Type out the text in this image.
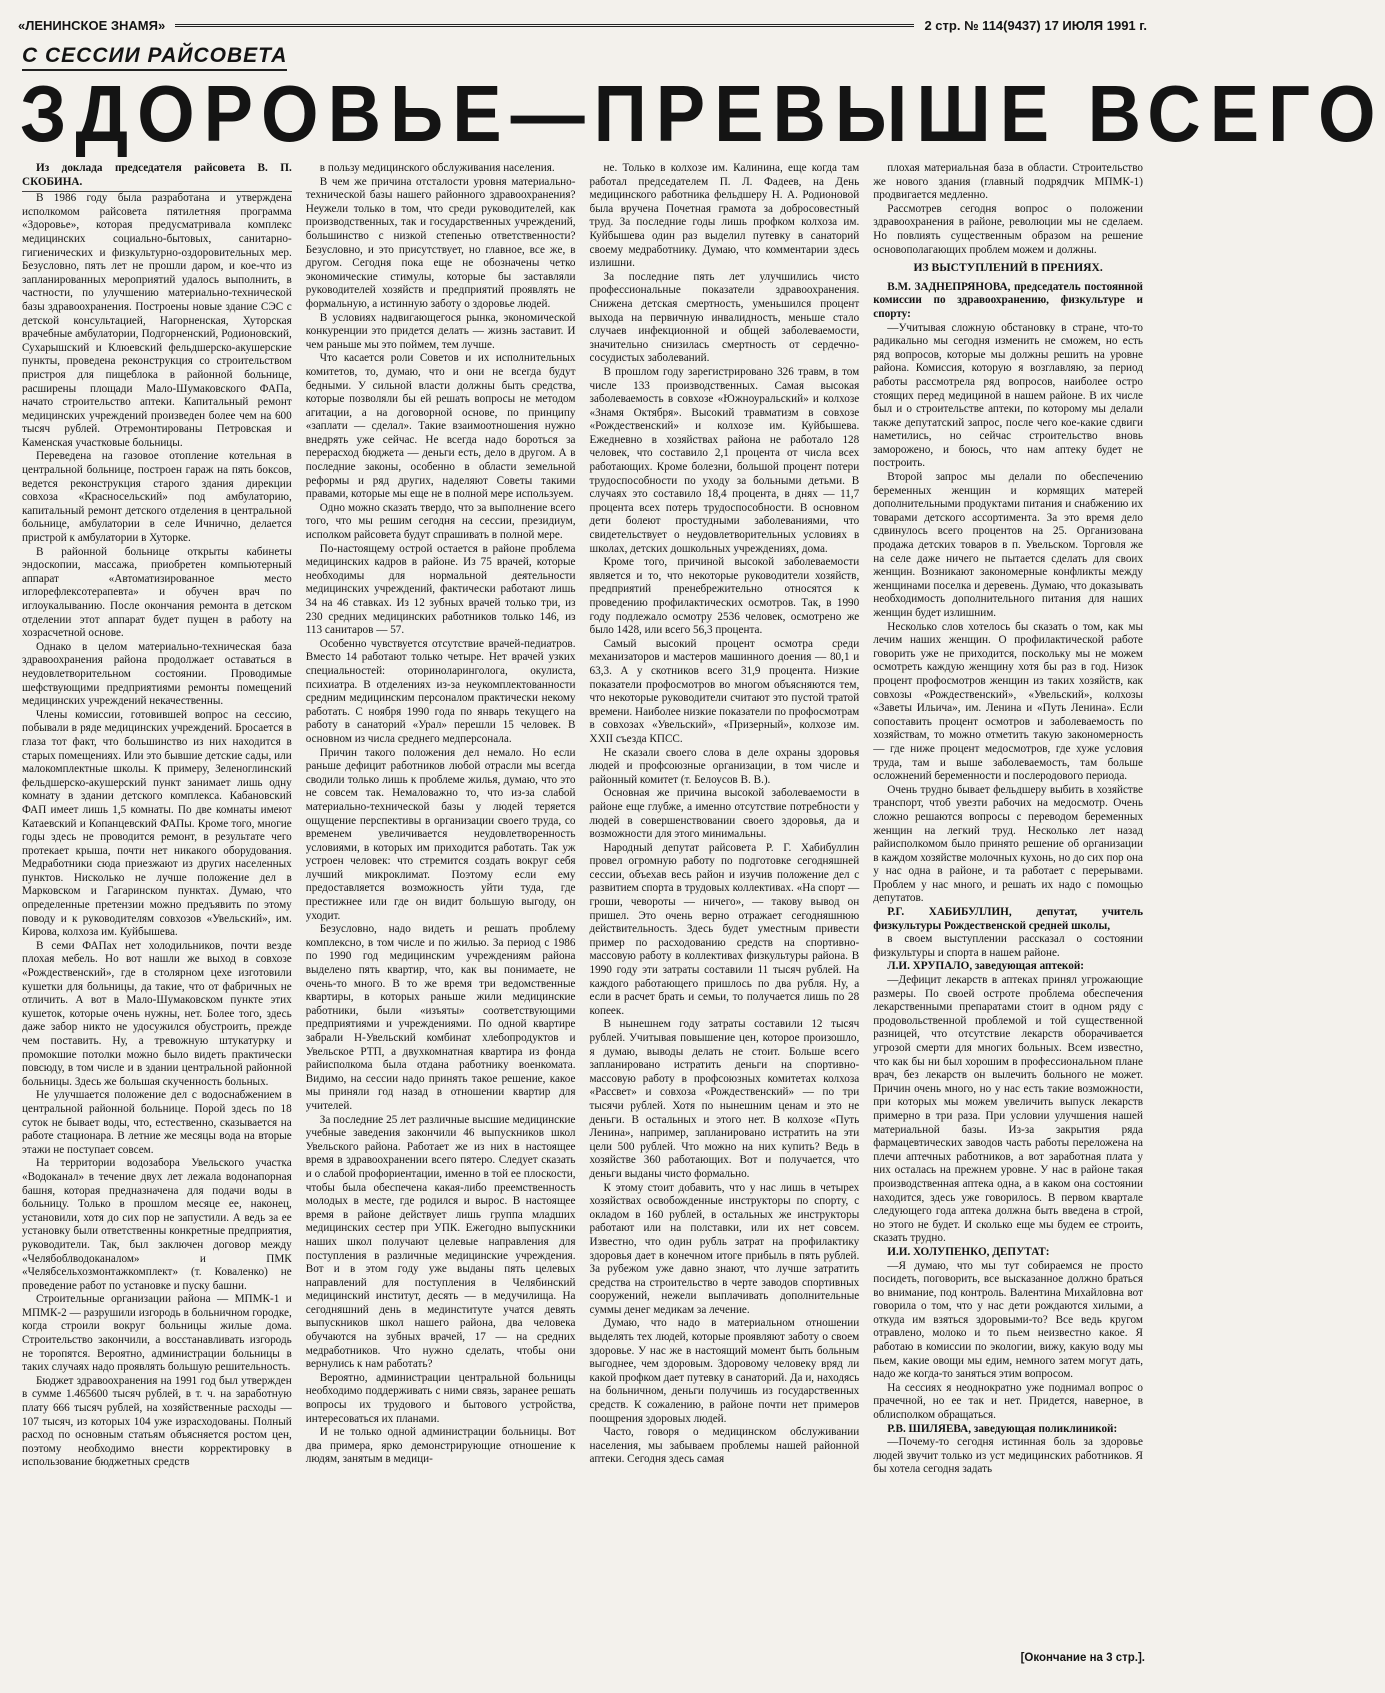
«ЛЕНИНСКОЕ ЗНАМЯ»	2 стр. № 114(9437) 17 ИЮЛЯ 1991 г.
С СЕССИИ РАЙСОВЕТА
ЗДОРОВЬЕ—ПРЕВЫШЕ ВСЕГО

Из доклада председателя райсовета В. П. СКОБИНА.

В 1986 году была разработана и утверждена исполкомом райсовета пятилетняя программа «Здоровье», которая предусматривала комплекс медицинских социально-бытовых, санитарно-гигиенических и физкультурно-оздоровительных мер. Безусловно, пять лет не прошли даром, и кое-что из запланированных мероприятий удалось выполнить, в частности, по улучшению материально-технической базы здравоохранения. Построены новые здание СЭС с детской консультацией, Нагорненская, Хуторская врачебные амбулатории, Подгорненский, Родионовский, Сухарышский и Клюевский фельдшерско-акушерские пункты, проведена реконструкция со строительством пристроя для пищеблока в районной больнице, расширены площади Мало-Шумаковского ФАПа, начато строительство аптеки. Капитальный ремонт медицинских учреждений произведен более чем на 600 тысяч рублей. Отремонтированы Петровская и Каменская участковые больницы.

Переведена на газовое отопление котельная в центральной больнице, построен гараж на пять боксов, ведется реконструкция старого здания дирекции совхоза «Красносельский» под амбулаторию, капитальный ремонт детского отделения в центральной больнице, амбулатории в селе Ичнично, делается пристрой к амбулатории в Хуторке.

В районной больнице открыты кабинеты эндоскопии, массажа, приобретен компьютерный аппарат «Автоматизированное место иглорефлексотерапевта» и обучен врач по иглоукалыванию. После окончания ремонта в детском отделении этот аппарат будет пущен в работу на хозрасчетной основе.

Однако в целом материально-техническая база здравоохранения района продолжает оставаться в неудовлетворительном состоянии. Проводимые шефствующими предприятиями ремонты помещений медицинских учреждений некачественны.

Члены комиссии, готовившей вопрос на сессию, побывали в ряде медицинских учреждений. Бросается в глаза тот факт, что большинство из них находится в старых помещениях. Или это бывшие детские сады, или малокомплектные школы. К примеру, Зеленоглинский фельдшерско-акушерский пункт занимает лишь одну комнату в здании детского комплекса. Кабановский ФАП имеет лишь 1,5 комнаты. По две комнаты имеют Катаевский и Копанцевский ФАПы. Кроме того, многие годы здесь не проводится ремонт, в результате чего протекает крыша, почти нет никакого оборудования. Медработники сюда приезжают из других населенных пунктов. Нисколько не лучше положение дел в Марковском и Гагаринском пунктах. Думаю, что определенные претензии можно предъявить по этому поводу и к руководителям совхозов «Увельский», им. Кирова, колхоза им. Куйбышева.

В семи ФАПах нет холодильников, почти везде плохая мебель. Но вот нашли же выход в совхозе «Рождественский», где в столярном цехе изготовили кушетки для больницы, да такие, что от фабричных не отличить. А вот в Мало-Шумаковском пункте этих кушеток, которые очень нужны, нет. Более того, здесь даже забор никто не удосужился обустроить, прежде чем поставить. Ну, а тревожную штукатурку и промокшие потолки можно было видеть практически повсюду, в том числе и в здании центральной районной больницы. Здесь же большая скученность больных.

Не улучшается положение дел с водоснабжением в центральной районной больнице. Порой здесь по 18 суток не бывает воды, что, естественно, сказывается на работе стационара. В летние же месяцы вода на вторые этажи не поступает совсем.

На территории водозабора Увельского участка «Водоканал» в течение двух лет лежала водонапорная башня, которая предназначена для подачи воды в больницу. Только в прошлом месяце ее, наконец, установили, хотя до сих пор не запустили. А ведь за ее установку были ответственны конкретные предприятия, руководители. Так, был заключен договор между «Челябоблводоканалом» и ПМК «Челябсельхозмонтажкомплект» (т. Коваленко) не проведение работ по установке и пуску башни.

Строительные организации района — МПМК-1 и МПМК-2 — разрушили изгородь в больничном городке, когда строили вокруг больницы жилые дома. Строительство закончили, а восстанавливать изгородь не торопятся. Вероятно, администрации больницы в таких случаях надо проявлять большую решительность.

Бюджет здравоохранения на 1991 год был утвержден в сумме 1.465600 тысяч рублей, в т. ч. на заработную плату 666 тысяч рублей, на хозяйственные расходы — 107 тысяч, из которых 104 уже израсходованы. Полный расход по основным статьям объясняется ростом цен, поэтому необходимо внести корректировку в использование бюджетных средств

в пользу медицинского обслуживания населения.

В чем же причина отсталости уровня материально-технической базы нашего районного здравоохранения? Неужели только в том, что среди руководителей, как производственных, так и государственных учреждений, большинство с низкой степенью ответственности? Безусловно, и это присутствует, но главное, все же, в другом. Сегодня пока еще не обозначены четко экономические стимулы, которые бы заставляли руководителей хозяйств и предприятий проявлять не формальную, а истинную заботу о здоровье людей.

В условиях надвигающегося рынка, экономической конкуренции это придется делать — жизнь заставит. И чем раньше мы это поймем, тем лучше.

Что касается роли Советов и их исполнительных комитетов, то, думаю, что и они не всегда будут бедными. У сильной власти должны быть средства, которые позволяли бы ей решать вопросы не методом агитации, а на договорной основе, по принципу «заплати — сделал». Такие взаимоотношения нужно внедрять уже сейчас. Не всегда надо бороться за перерасход бюджета — деньги есть, дело в другом. А в последние законы, особенно в области земельной реформы и ряд других, наделяют Советы такими правами, которые мы еще не в полной мере используем.

Одно можно сказать твердо, что за выполнение всего того, что мы решим сегодня на сессии, президиум, исполком райсовета будут спрашивать в полной мере.

По-настоящему острой остается в районе проблема медицинских кадров в районе. Из 75 врачей, которые необходимы для нормальной деятельности медицинских учреждений, фактически работают лишь 34 на 46 ставках. Из 12 зубных врачей только три, из 230 средних медицинских работников только 146, из 113 санитаров — 57.

Особенно чувствуется отсутствие врачей-педиатров. Вместо 14 работают только четыре. Нет врачей узких специальностей: оториноларинголога, окулиста, психиатра. В отделениях из-за неукомплектованности средним медицинским персоналом практически некому работать. С ноября 1990 года по январь текущего на работу в санаторий «Урал» перешли 15 человек. В основном из числа среднего медперсонала.

Причин такого положения дел немало. Но если раньше дефицит работников любой отрасли мы всегда сводили только лишь к проблеме жилья, думаю, что это не совсем так. Немаловажно то, что из-за слабой материально-технической базы у людей теряется ощущение перспективы в организации своего труда, со временем увеличивается неудовлетворенность условиями, в которых им приходится работать. Так уж устроен человек: что стремится создать вокруг себя лучший микроклимат. Поэтому если ему предоставляется возможность уйти туда, где престижнее или где он видит большую выгоду, он уходит.

Безусловно, надо видеть и решать проблему комплексно, в том числе и по жилью. За период с 1986 по 1990 год медицинским учреждениям района выделено пять квартир, что, как вы понимаете, не очень-то много. В то же время три ведомственные квартиры, в которых раньше жили медицинские работники, были «изъяты» соответствующими предприятиями и учреждениями. По одной квартире забрали Н-Увельский комбинат хлебопродуктов и Увельское РТП, а двухкомнатная квартира из фонда райисполкома была отдана работнику военкомата. Видимо, на сессии надо принять такое решение, какое мы приняли год назад в отношении квартир для учителей.

За последние 25 лет различные высшие медицинские учебные заведения закончили 46 выпускников школ Увельского района. Работает же из них в настоящее время в здравоохранении всего пятеро. Следует сказать и о слабой профориентации, именно в той ее плоскости, чтобы была обеспечена какая-либо преемственность молодых в месте, где родился и вырос. В настоящее время в районе действует лишь группа младших медицинских сестер при УПК. Ежегодно выпускники наших школ получают целевые направления для поступления в различные медицинские учреждения. Вот и в этом году уже выданы пять целевых направлений для поступления в Челябинский медицинский институт, десять — в медучилища. На сегодняшний день в мединституте учатся девять выпускников школ нашего района, два человека обучаются на зубных врачей, 17 — на средних медработников. Что нужно сделать, чтобы они вернулись к нам работать?

Вероятно, администрации центральной больницы необходимо поддерживать с ними связь, заранее решать вопросы их трудового и бытового устройства, интересоваться их планами.

И не только одной администрации больницы. Вот два примера, ярко демонстрирующие отношение к людям, занятым в медици-

не. Только в колхозе им. Калинина, еще когда там работал председателем П. Л. Фадеев, на День медицинского работника фельдшеру Н. А. Родионовой была вручена Почетная грамота за добросовестный труд. За последние годы лишь профком колхоза им. Куйбышева один раз выделил путевку в санаторий своему медработнику. Думаю, что комментарии здесь излишни.

За последние пять лет улучшились чисто профессиональные показатели здравоохранения. Снижена детская смертность, уменьшился процент выхода на первичную инвалидность, меньше стало случаев инфекционной и общей заболеваемости, значительно снизилась смертность от сердечно-сосудистых заболеваний.

В прошлом году зарегистрировано 326 травм, в том числе 133 производственных. Самая высокая заболеваемость в совхозе «Южноуральский» и колхозе «Знамя Октября». Высокий травматизм в совхозе «Рождественский» и колхозе им. Куйбышева. Ежедневно в хозяйствах района не работало 128 человек, что составило 2,1 процента от числа всех работающих. Кроме болезни, большой процент потери трудоспособности по уходу за больными детьми. В случаях это составило 18,4 процента, в днях — 11,7 процента всех потерь трудоспособности. В основном дети болеют простудными заболеваниями, что свидетельствует о неудовлетворительных условиях в школах, детских дошкольных учреждениях, дома.

Кроме того, причиной высокой заболеваемости является и то, что некоторые руководители хозяйств, предприятий пренебрежительно относятся к проведению профилактических осмотров. Так, в 1990 году подлежало осмотру 2536 человек, осмотрено же было 1428, или всего 56,3 процента.

Самый высокий процент осмотра среди механизаторов и мастеров машинного доения — 80,1 и 63,3. А у скотников всего 31,9 процента. Низкие показатели профосмотров во многом объясняются тем, что некоторые руководители считают это пустой тратой времени. Наиболее низкие показатели по профосмотрам в совхозах «Увельский», «Призерный», колхозе им. XXII съезда КПСС.

Не сказали своего слова в деле охраны здоровья людей и профсоюзные организации, в том числе и районный комитет (т. Белоусов В. В.).

Основная же причина высокой заболеваемости в районе еще глубже, а именно отсутствие потребности у людей в совершенствовании своего здоровья, да и возможности для этого минимальны.

Народный депутат райсовета Р. Г. Хабибуллин провел огромную работу по подготовке сегодняшней сессии, объехав весь район и изучив положение дел с развитием спорта в трудовых коллективах. «На спорт — гроши, чевороты — ничего», — такову вывод он пришел. Это очень верно отражает сегодняшнюю действительность. Здесь будет уместным привести пример по расходованию средств на спортивно-массовую работу в коллективах физкультуры района. В 1990 году эти затраты составили 11 тысяч рублей. На каждого работающего пришлось по два рубля. Ну, а если в расчет брать и семьи, то получается лишь по 28 копеек.

В нынешнем году затраты составили 12 тысяч рублей. Учитывая повышение цен, которое произошло, я думаю, выводы делать не стоит. Больше всего запланировано истратить деньги на спортивно-массовую работу в профсоюзных комитетах колхоза «Рассвет» и совхоза «Рождественский» — по три тысячи рублей. Хотя по нынешним ценам и это не деньги. В остальных и этого нет. В колхозе «Путь Ленина», например, запланировано истратить на эти цели 500 рублей. Что можно на них купить? Ведь в хозяйстве 360 работающих. Вот и получается, что деньги выданы чисто формально.

К этому стоит добавить, что у нас лишь в четырех хозяйствах освобожденные инструкторы по спорту, с окладом в 160 рублей, в остальных же инструкторы работают или на полставки, или их нет совсем. Известно, что один рубль затрат на профилактику здоровья дает в конечном итоге прибыль в пять рублей. За рубежом уже давно знают, что лучше затратить средства на строительство в черте заводов спортивных сооружений, нежели выплачивать дополнительные суммы денег медикам за лечение.

Думаю, что надо в материальном отношении выделять тех людей, которые проявляют заботу о своем здоровье. У нас же в настоящий момент быть больным выгоднее, чем здоровым. Здоровому человеку вряд ли какой профком дает путевку в санаторий. Да и, находясь на больничном, деньги получишь из государственных средств. К сожалению, в районе почти нет примеров поощрения здоровых людей.

Часто, говоря о медицинском обслуживании населения, мы забываем проблемы нашей районной аптеки. Сегодня здесь самая

плохая материальная база в области. Строительство же нового здания (главный подрядчик МПМК-1) продвигается медленно.

Рассмотрев сегодня вопрос о положении здравоохранения в районе, революции мы не сделаем. Но повлиять существенным образом на решение основополагающих проблем можем и должны.

ИЗ ВЫСТУПЛЕНИЙ В ПРЕНИЯХ.

В.М. ЗАДНЕПРЯНОВА, председатель постоянной комиссии по здравоохранению, физкультуре и спорту:

—Учитывая сложную обстановку в стране, что-то радикально мы сегодня изменить не сможем, но есть ряд вопросов, которые мы должны решить на уровне района. Комиссия, которую я возглавляю, за период работы рассмотрела ряд вопросов, наиболее остро стоящих перед медициной в нашем районе. В их числе был и о строительстве аптеки, по которому мы делали также депутатский запрос, после чего кое-какие сдвиги наметились, но сейчас строительство вновь заморожено, и боюсь, что нам аптеку будет не построить.

Второй запрос мы делали по обеспечению беременных женщин и кормящих матерей дополнительными продуктами питания и снабжению их товарами детского ассортимента. За это время дело сдвинулось всего процентов на 25. Организована продажа детских товаров в п. Увельском. Торговля же на селе даже ничего не пытается сделать для своих женщин. Возникают закономерные конфликты между женщинами поселка и деревень. Думаю, что доказывать необходимость дополнительного питания для наших женщин будет излишним.

Несколько слов хотелось бы сказать о том, как мы лечим наших женщин. О профилактической работе говорить уже не приходится, поскольку мы не можем осмотреть каждую женщину хотя бы раз в год. Низок процент профосмотров женщин из таких хозяйств, как совхозы «Рождественский», «Увельский», колхозы «Заветы Ильича», им. Ленина и «Путь Ленина». Если сопоставить процент осмотров и заболеваемость по хозяйствам, то можно отметить такую закономерность — где ниже процент медосмотров, где хуже условия труда, там и выше заболеваемость, там больше осложнений беременности и послеродового периода.

Очень трудно бывает фельдшеру выбить в хозяйстве транспорт, чтоб увезти рабочих на медосмотр. Очень сложно решаются вопросы с переводом беременных женщин на легкий труд. Несколько лет назад райисполкомом было принято решение об организации в каждом хозяйстве молочных кухонь, но до сих пор она у нас одна в районе, и та работает с перерывами. Проблем у нас много, и решать их надо с помощью депутатов.

Р.Г. ХАБИБУЛЛИН, депутат, учитель физкультуры Рождественской средней школы,

в своем выступлении рассказал о состоянии физкультуры и спорта в нашем районе.

Л.И. ХРУПАЛО, заведующая аптекой:

—Дефицит лекарств в аптеках принял угрожающие размеры. По своей остроте проблема обеспечения лекарственными препаратами стоит в одном ряду с продовольственной проблемой и той существенной разницей, что отсутствие лекарств оборачивается угрозой смерти для многих больных. Всем известно, что как бы ни был хорошим в профессиональном плане врач, без лекарств он вылечить больного не может. Причин очень много, но у нас есть такие возможности, при которых мы можем увеличить выпуск лекарств примерно в три раза. При условии улучшения нашей материальной базы. Из-за закрытия ряда фармацевтических заводов часть работы переложена на плечи аптечных работников, а вот заработная плата у них осталась на прежнем уровне. У нас в районе такая производственная аптека одна, а в каком она состоянии находится, здесь уже говорилось. В первом квартале следующего года аптека должна быть введена в строй, но этого не будет. И сколько еще мы будем ее строить, сказать трудно.

И.И. ХОЛУПЕНКО, ДЕПУТАТ:

—Я думаю, что мы тут собираемся не просто посидеть, поговорить, все высказанное должно браться во внимание, под контроль. Валентина Михайловна вот говорила о том, что у нас дети рождаются хилыми, а откуда им взяться здоровыми-то? Все ведь кругом отравлено, молоко и то пьем неизвестно какое. Я работаю в комиссии по экологии, вижу, какую воду мы пьем, какие овощи мы едим, немного затем могут дать, надо же когда-то заняться этим вопросом.

На сессиях я неоднократно уже поднимал вопрос о прачечной, но ее так и нет. Придется, наверное, в облисполком обращаться.

Р.В. ШИЛЯЕВА, заведующая поликлиникой:

—Почему-то сегодня истинная боль за здоровье людей звучит только из уст медицинских работников. Я бы хотела сегодня задать

[Окончание на 3 стр.].
